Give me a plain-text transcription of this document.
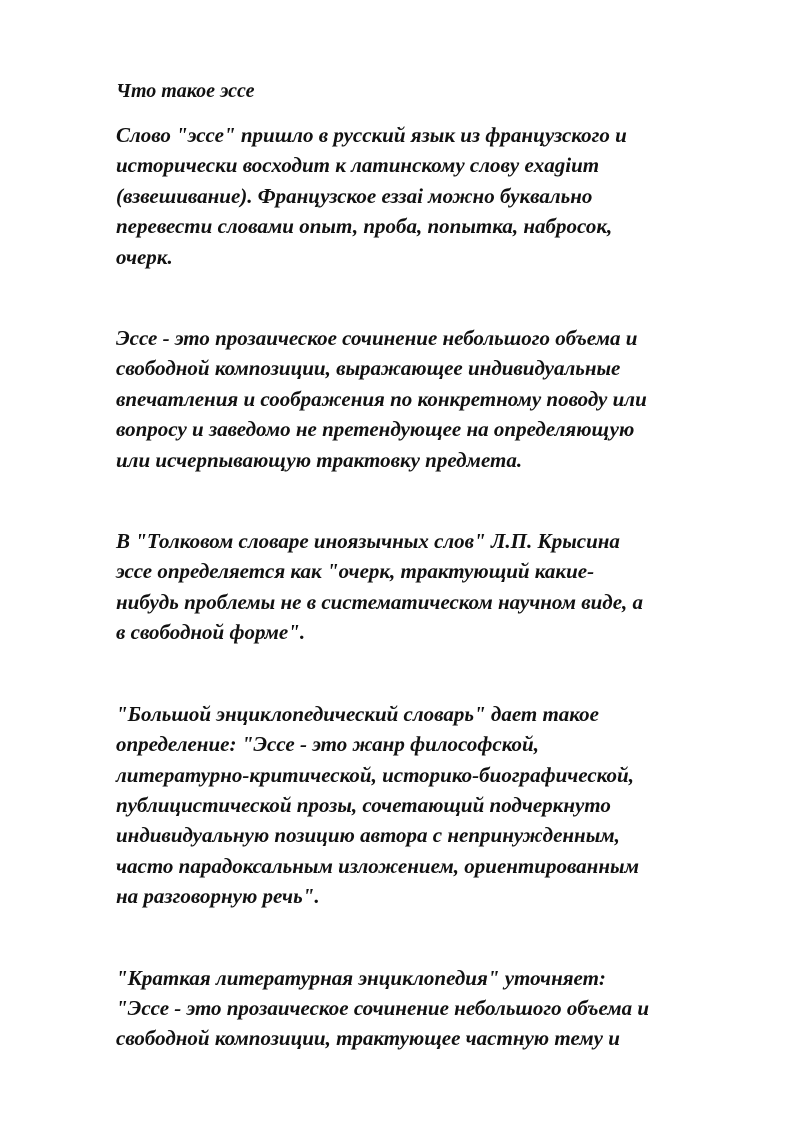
Что такое эссе

Слово "эссе" пришло в русский язык из французского и
исторически восходит к латинскому слову exagiит
(взвешивание). Французское еззаі можно буквально
перевести словами опыт, проба, попытка, набросок,
очерк.

Эссе - это прозаическое сочинение небольшого объема и
свободной композиции, выражающее индивидуальные
впечатления и соображения по конкретному поводу или
вопросу и заведомо не претендующее на определяющую
или исчерпывающую трактовку предмета.

В "Толковом словаре иноязычных слов" Л.П. Крысина
эссе определяется как "очерк, трактующий какие-
нибудь проблемы не в систематическом научном виде, а
в свободной форме".

"Большой энциклопедический словарь" дает такое
определение: "Эссе - это жанр философской,
литературно-критической, историко-биографической,
публицистической прозы, сочетающий подчеркнуто
индивидуальную позицию автора с непринужденным,
часто парадоксальным изложением, ориентированным
на разговорную речь".

"Краткая литературная энциклопедия" уточняет:
"Эссе - это прозаическое сочинение небольшого объема и
свободной композиции, трактующее частную тему и
